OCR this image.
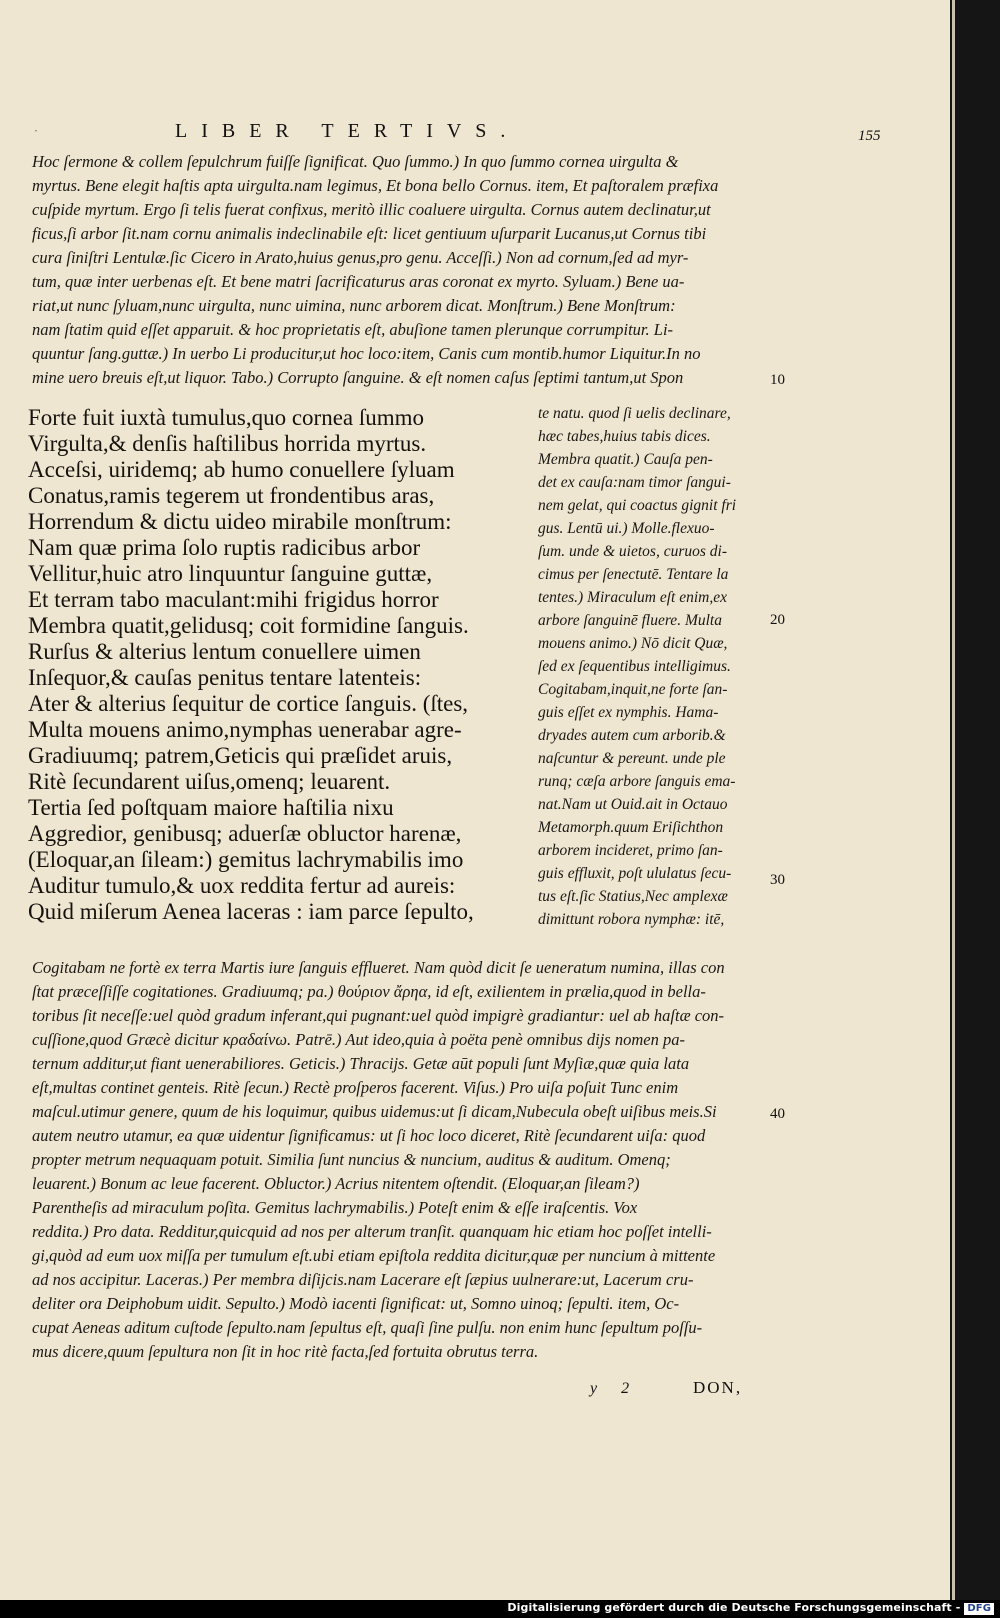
·	LIBER TERTIVS.	155
Hoc ſermone & collem ſepulchrum fuiſſe ſignificat. Quo ſummo.) In quo ſummo cornea uirgulta &
myrtus. Bene elegit haſtis apta uirgulta.nam legimus, Et bona bello Cornus. item, Et paſtoralem præfixa
cuſpide myrtum. Ergo ſi telis fuerat confixus, meritò illic coaluere uirgulta. Cornus autem declinatur,ut
ficus,ſi arbor ſit.nam cornu animalis indeclinabile eſt: licet gentiuum uſurparit Lucanus,ut Cornus tibi
cura ſiniſtri Lentulæ.ſic Cicero in Arato,huius genus,pro genu. Acceſſi.) Non ad cornum,ſed ad myr-
tum, quæ inter uerbenas eſt. Et bene matri ſacrificaturus aras coronat ex myrto. Syluam.) Bene ua-
riat,ut nunc ſyluam,nunc uirgulta, nunc uimina, nunc arborem dicat. Monſtrum.) Bene Monſtrum:
nam ſtatim quid eſſet apparuit. & hoc proprietatis eſt, abuſione tamen plerunque corrumpitur. Li-
quuntur ſang.guttæ.) In uerbo Li producitur,ut hoc loco:item, Canis cum montib.humor Liquitur.In no
mine uero breuis eſt,ut liquor. Tabo.) Corrupto ſanguine. & eſt nomen caſus ſeptimi tantum,ut Spon
Forte fuit iuxtà tumulus,quo cornea ſummo
Virgulta,& denſis haſtilibus horrida myrtus.
Acceſsi, uiridemq; ab humo conuellere ſyluam
Conatus,ramis tegerem ut frondentibus aras,
Horrendum & dictu uideo mirabile monſtrum:
Nam quæ prima ſolo ruptis radicibus arbor
Vellitur,huic atro linquuntur ſanguine guttæ,
Et terram tabo maculant:mihi frigidus horror
Membra quatit,gelidusq; coit formidine ſanguis.
Rurſus & alterius lentum conuellere uimen
Inſequor,& cauſas penitus tentare latenteis:
Ater & alterius ſequitur de cortice ſanguis. (ſtes,
Multa mouens animo,nymphas uenerabar agre-
Gradiuumq; patrem,Geticis qui præſidet aruis,
Ritè ſecundarent uiſus,omenq; leuarent.
Tertia ſed poſtquam maiore haſtilia nixu
Aggredior, genibusq; aduerſæ obluctor harenæ,
(Eloquar,an ſileam:) gemitus lachrymabilis imo
Auditur tumulo,& uox reddita fertur ad aureis:
Quid miſerum Aenea laceras : iam parce ſepulto,
te natu. quod ſi uelis declinare,
hæc tabes,huius tabis dices.
Membra quatit.) Cauſa pen-
det ex cauſa:nam timor ſangui-
nem gelat, qui coactus gignit fri
gus. Lentū ui.) Molle.flexuo-
ſum. unde & uietos, curuos di-
cimus per ſenectutē. Tentare la
tentes.) Miraculum eſt enim,ex
arbore ſanguinē fluere. Multa
mouens animo.) Nō dicit Quæ,
ſed ex ſequentibus intelligimus.
Cogitabam,inquit,ne forte ſan-
guis eſſet ex nymphis. Hama-
dryades autem cum arborib.&
naſcuntur & pereunt. unde ple
runq; cæſa arbore ſanguis ema-
nat.Nam ut Ouid.ait in Octauo
Metamorph.quum Eriſichthon
arborem incideret, primo ſan-
guis effluxit, poſt ululatus ſecu-
tus eſt.ſic Statius,Nec amplexæ
dimittunt robora nymphæ: itē,
Cogitabam ne fortè ex terra Martis iure ſanguis efflueret. Nam quòd dicit ſe ueneratum numina, illas con
ſtat præceſſiſſe cogitationes. Gradiuumq; pa.) θούριον ἄρηα, id eſt, exilientem in prælia,quod in bella-
toribus ſit neceſſe:uel quòd gradum inferant,qui pugnant:uel quòd impigrè gradiantur: uel ab haſtæ con-
cuſſione,quod Græcè dicitur κραδαίνω. Patrē.) Aut ideo,quia à poëta penè omnibus dijs nomen pa-
ternum additur,ut fiant uenerabiliores. Geticis.) Thracijs. Getæ aūt populi ſunt Myſiæ,quæ quia lata
eſt,multas continet genteis. Ritè ſecun.) Rectè proſperos facerent. Viſus.) Pro uiſa poſuit Tunc enim
maſcul.utimur genere, quum de his loquimur, quibus uidemus:ut ſi dicam,Nubecula obeſt uiſibus meis.Si
autem neutro utamur, ea quæ uidentur ſignificamus: ut ſi hoc loco diceret, Ritè ſecundarent uiſa: quod
propter metrum nequaquam potuit. Similia ſunt nuncius & nuncium, auditus & auditum. Omenq;
leuarent.) Bonum ac leue facerent. Obluctor.) Acrius nitentem oſtendit. (Eloquar,an ſileam?)
Parentheſis ad miraculum poſita. Gemitus lachrymabilis.) Poteſt enim & eſſe iraſcentis. Vox
reddita.) Pro data. Redditur,quicquid ad nos per alterum tranſit. quanquam hic etiam hoc poſſet intelli-
gi,quòd ad eum uox miſſa per tumulum eſt.ubi etiam epiſtola reddita dicitur,quæ per nuncium à mittente
ad nos accipitur. Laceras.) Per membra diſijcis.nam Lacerare eſt ſæpius uulnerare:ut, Lacerum cru-
deliter ora Deiphobum uidit. Sepulto.) Modò iacenti ſignificat: ut, Somno uinoq; ſepulti. item, Oc-
cupat Aeneas aditum cuſtode ſepulto.nam ſepultus eſt, quaſi ſine pulſu. non enim hunc ſepultum poſſu-
mus dicere,quum ſepultura non ſit in hoc ritè facta,ſed fortuita obrutus terra.
10
20
30
40
y 2	DON,
Digitalisierung gefördert durch die Deutsche Forschungsgemeinschaft - DFG
